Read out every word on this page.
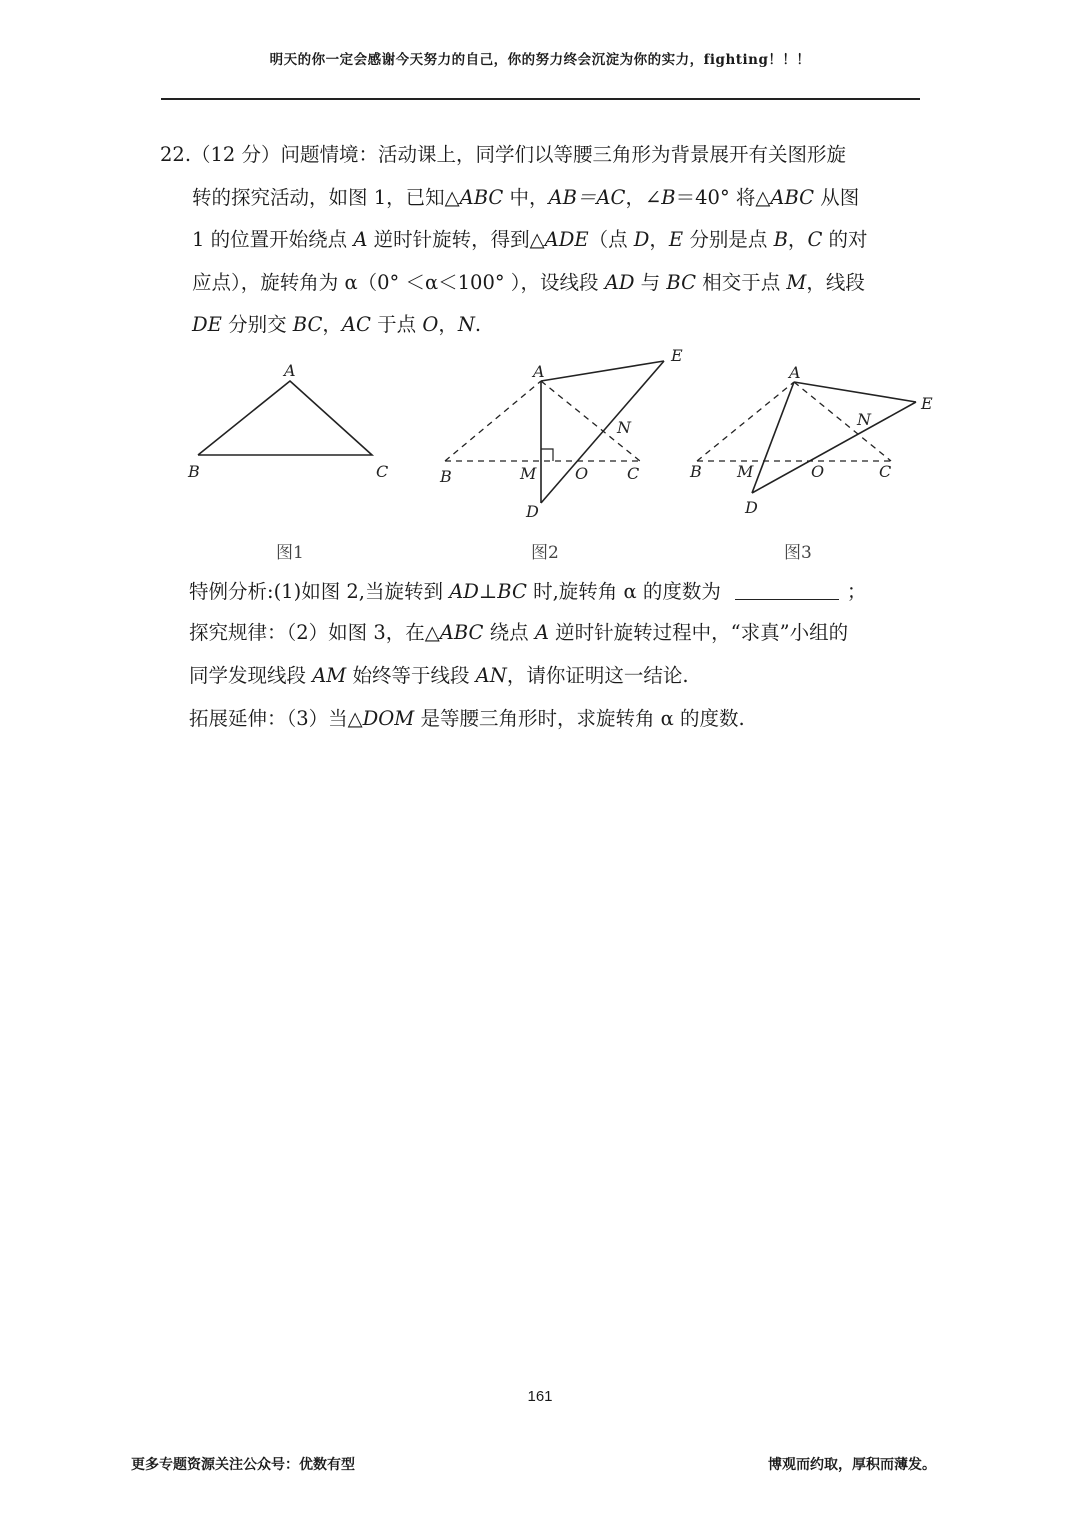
明天的你一定会感谢今天努力的自己，你的努力终会沉淀为你的实力，fighting！！！
22.（12 分）问题情境：活动课上，同学们以等腰三角形为背景展开有关图形旋
转的探究活动，如图 1，已知△ABC 中，AB＝AC，∠B＝40° 将△ABC 从图
1 的位置开始绕点 A 逆时针旋转，得到△ADE（点 D，E 分别是点 B，C 的对
应点），旋转角为 α（0° ＜α＜100° ），设线段 AD 与 BC 相交于点 M，线段
DE 分别交 BC，AC 于点 O，N.
A
B	C
A
E
N
B	M O C
D
A
E
N
B M	O	C
D
图1	图2	图3
特例分析:(1)如图 2,当旋转到 AD⊥BC 时,旋转角 α 的度数为	；
探究规律：（2）如图 3，在△ABC 绕点 A 逆时针旋转过程中，“求真”小组的
同学发现线段 AM 始终等于线段 AN，请你证明这一结论.
拓展延伸：（3）当△DOM 是等腰三角形时，求旋转角 α 的度数.
161
更多专题资源关注公众号：优数有型	博观而约取，厚积而薄发。
